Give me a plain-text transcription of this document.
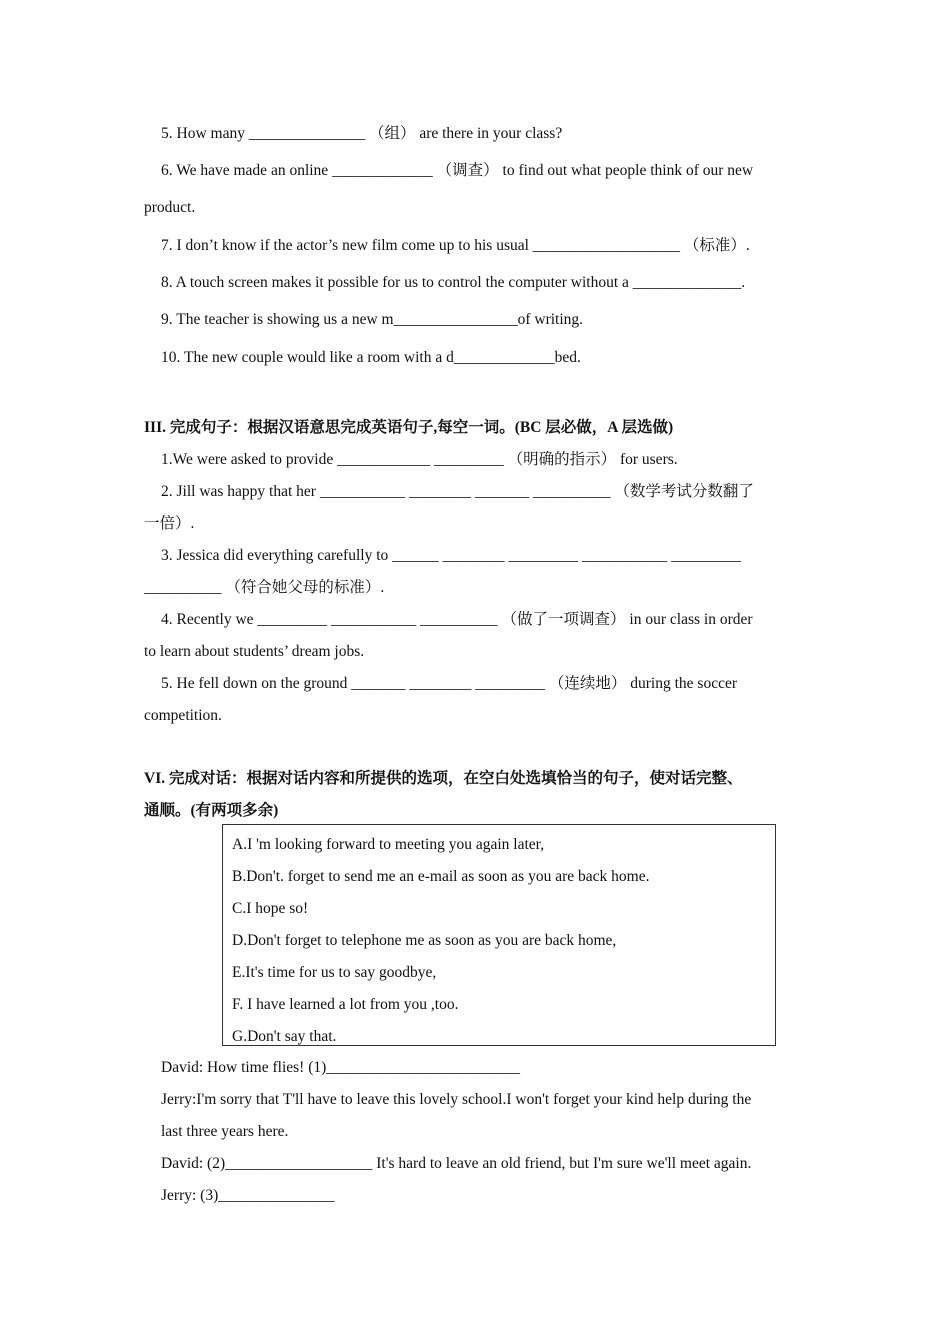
5. How many _______________ （组） are there in your class?
6. We have made an online _____________ （调查） to find out what people think of our new
product.
7. I don’t know if the actor’s new film come up to his usual ___________________ （标准）.
8. A touch screen makes it possible for us to control the computer without a ______________.
9. The teacher is showing us a new m________________of writing.
10. The new couple would like a room with a d_____________bed.
III. 完成句子：根据汉语意思完成英语句子,每空一词。(BC 层必做，A 层选做)
1.We were asked to provide ____________ _________ （明确的指示） for users.
2. Jill was happy that her ___________ ________ _______ __________ （数学考试分数翻了
一倍）.
3. Jessica did everything carefully to ______ ________ _________ ___________ _________
__________ （符合她父母的标准）.
4. Recently we _________ ___________ __________ （做了一项调查） in our class in order
to learn about students’ dream jobs.
5. He fell down on the ground _______ ________ _________ （连续地） during the soccer
competition.
VI. 完成对话：根据对话内容和所提供的选项，在空白处选填恰当的句子，使对话完整、
通顺。(有两项多余)
A.I 'm looking forward to meeting you again later,
B.Don't. forget to send me an e-mail as soon as you are back home.
C.I hope so!
D.Don't forget to telephone me as soon as you are back home,
E.It's time for us to say goodbye,
F. I have learned a lot from you ,too.
G.Don't say that.
David: How time flies! (1)_________________________
Jerry:I'm sorry that T'll have to leave this lovely school.I won't forget your kind help during the
last three years here.
David: (2)___________________ It's hard to leave an old friend, but I'm sure we'll meet again.
Jerry: (3)_______________
